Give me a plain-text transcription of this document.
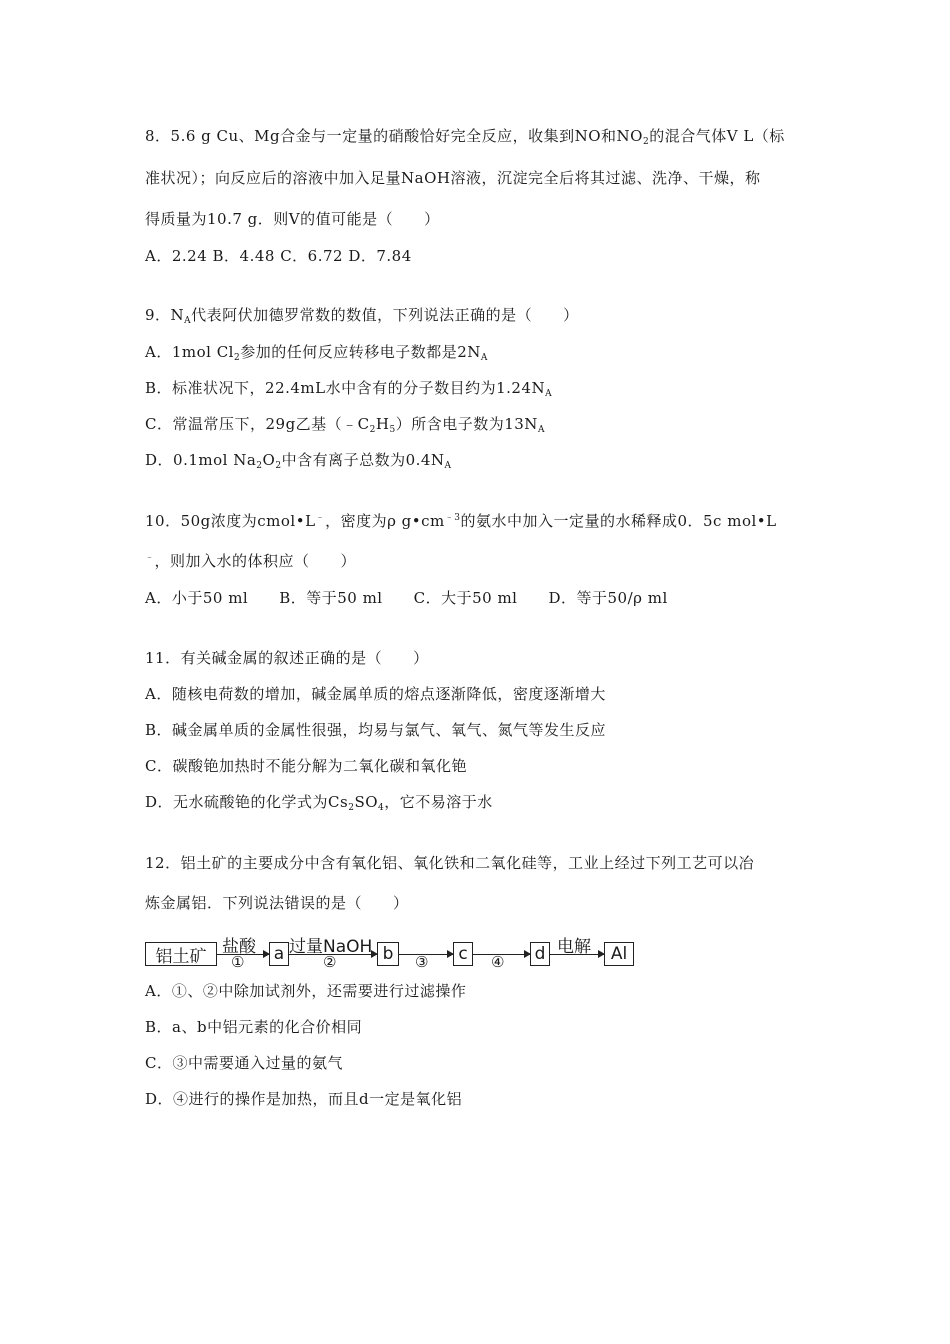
8．5.6 g Cu、Mg合金与一定量的硝酸恰好完全反应，收集到NO和$NO_2$的混合气体V L（标
准状况）；向反应后的溶液中加入足量NaOH溶液，沉淀完全后将其过滤、洗净、干燥，称
得质量为10.7 g．则V的值可能是（　　）
A．2.24 B．4.48 C．6.72 D．7.84
9．$N_A$代表阿伏加德罗常数的数值，下列说法正确的是（　　）
A．1mol $Cl_2$参加的任何反应转移电子数都是$2N_A$
B．标准状况下，22.4mL水中含有的分子数目约为$1.24N_A$
C．常温常压下，29g乙基$(﹣C_2H_5)$所含电子数为$13N_A$
D．0.1mol $Na_2O_2$中含有离子总数为$0.4N_A$
10．50g浓度为cmol•L﹣，密度为ρ $g•cm^{﹣3}$的氨水中加入一定量的水稀释成0．5c mol•L
﹣，则加入水的体积应（　　）
A．小于50 ml　　B．等于50 ml　　C．大于50 ml　　D．等于50/ρ ml
11．有关碱金属的叙述正确的是（　　）
A．随核电荷数的增加，碱金属单质的熔点逐渐降低，密度逐渐增大
B．碱金属单质的金属性很强，均易与氯气、氧气、氮气等发生反应
C．碳酸铯加热时不能分解为二氧化碳和氧化铯
D．无水硫酸铯的化学式为$Cs_2SO_4$，它不易溶于水
12．铝土矿的主要成分中含有氧化铝、氧化铁和二氧化硅等，工业上经过下列工艺可以冶
炼金属铝．下列说法错误的是（　　）
铝土矿 盐酸
① a 过量NaOH
②	b ③ c ④ d 电解 Al
A．①、②中除加试剂外，还需要进行过滤操作
B．a、b中铝元素的化合价相同
C．③中需要通入过量的氨气
D．④进行的操作是加热，而且d一定是氧化铝
